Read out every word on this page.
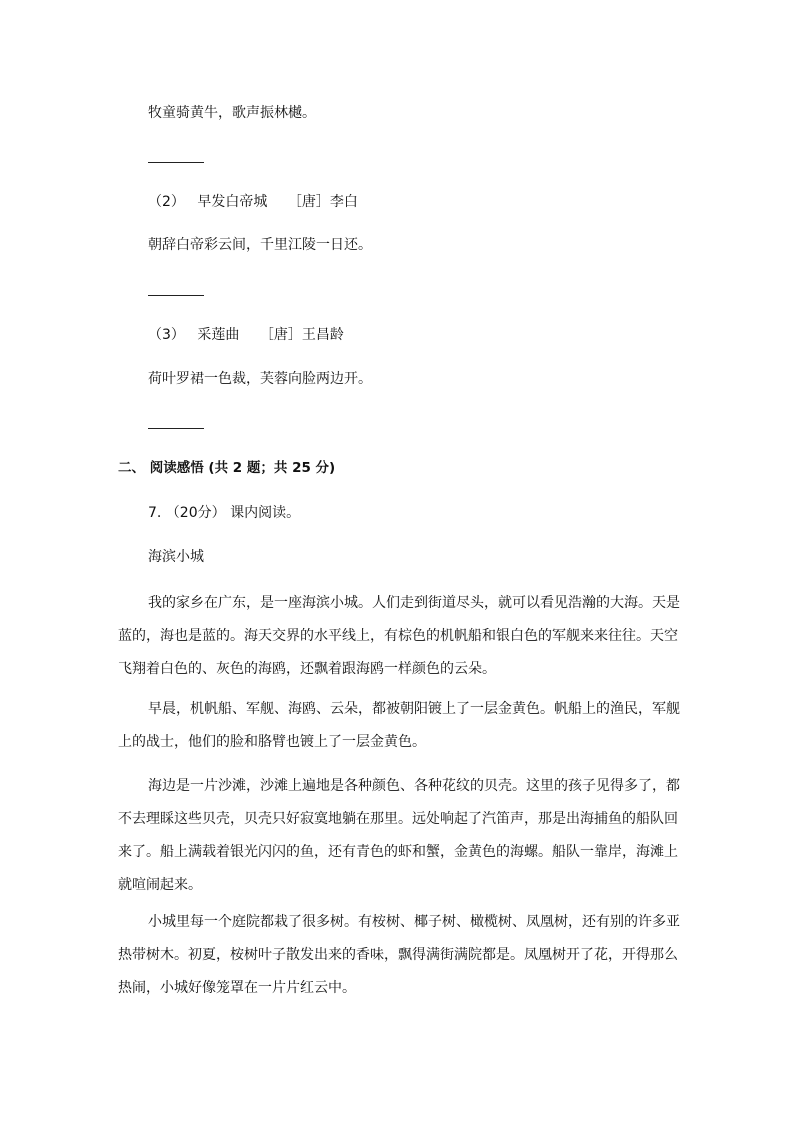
牧童骑黄牛，歌声振林樾。
（2） 早发白帝城 ［唐］李白
朝辞白帝彩云间，千里江陵一日还。
（3） 采莲曲 ［唐］王昌龄
荷叶罗裙一色裁，芙蓉向脸两边开。
二、 阅读感悟 (共 2 题；共 25 分)
7. （20分） 课内阅读。
海滨小城
我的家乡在广东，是一座海滨小城。人们走到街道尽头，就可以看见浩瀚的大海。天是
蓝的，海也是蓝的。海天交界的水平线上，有棕色的机帆船和银白色的军舰来来往往。天空
飞翔着白色的、灰色的海鸥，还飘着跟海鸥一样颜色的云朵。
早晨，机帆船、军舰、海鸥、云朵，都被朝阳镀上了一层金黄色。帆船上的渔民，军舰
上的战士，他们的脸和胳臂也镀上了一层金黄色。
海边是一片沙滩，沙滩上遍地是各种颜色、各种花纹的贝壳。这里的孩子见得多了，都
不去理睬这些贝壳，贝壳只好寂寞地躺在那里。远处响起了汽笛声，那是出海捕鱼的船队回
来了。船上满载着银光闪闪的鱼，还有青色的虾和蟹，金黄色的海螺。船队一靠岸，海滩上
就喧闹起来。
小城里每一个庭院都栽了很多树。有桉树、椰子树、橄榄树、凤凰树，还有别的许多亚
热带树木。初夏，桉树叶子散发出来的香味，飘得满街满院都是。凤凰树开了花，开得那么
热闹，小城好像笼罩在一片片红云中。
